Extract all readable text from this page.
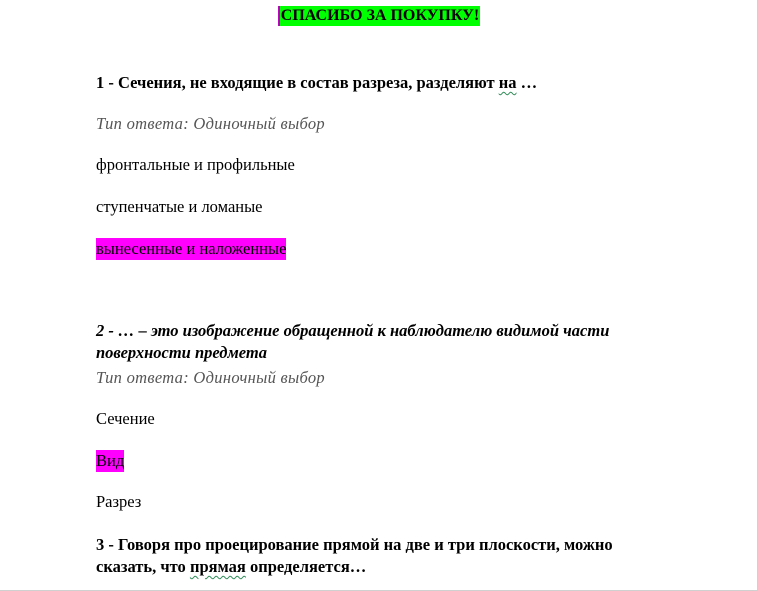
СПАСИБО ЗА ПОКУПКУ!
1 - Сечения, не входящие в состав разреза, разделяют на …
Тип ответа: Одиночный выбор
фронтальные и профильные
ступенчатые и ломаные
вынесенные и наложенные
2 - … – это изображение обращенной к наблюдателю видимой части
поверхности предмета
Тип ответа: Одиночный выбор
Сечение
Вид
Разрез
3 - Говоря про проецирование прямой на две и три плоскости, можно
сказать, что прямая определяется…
